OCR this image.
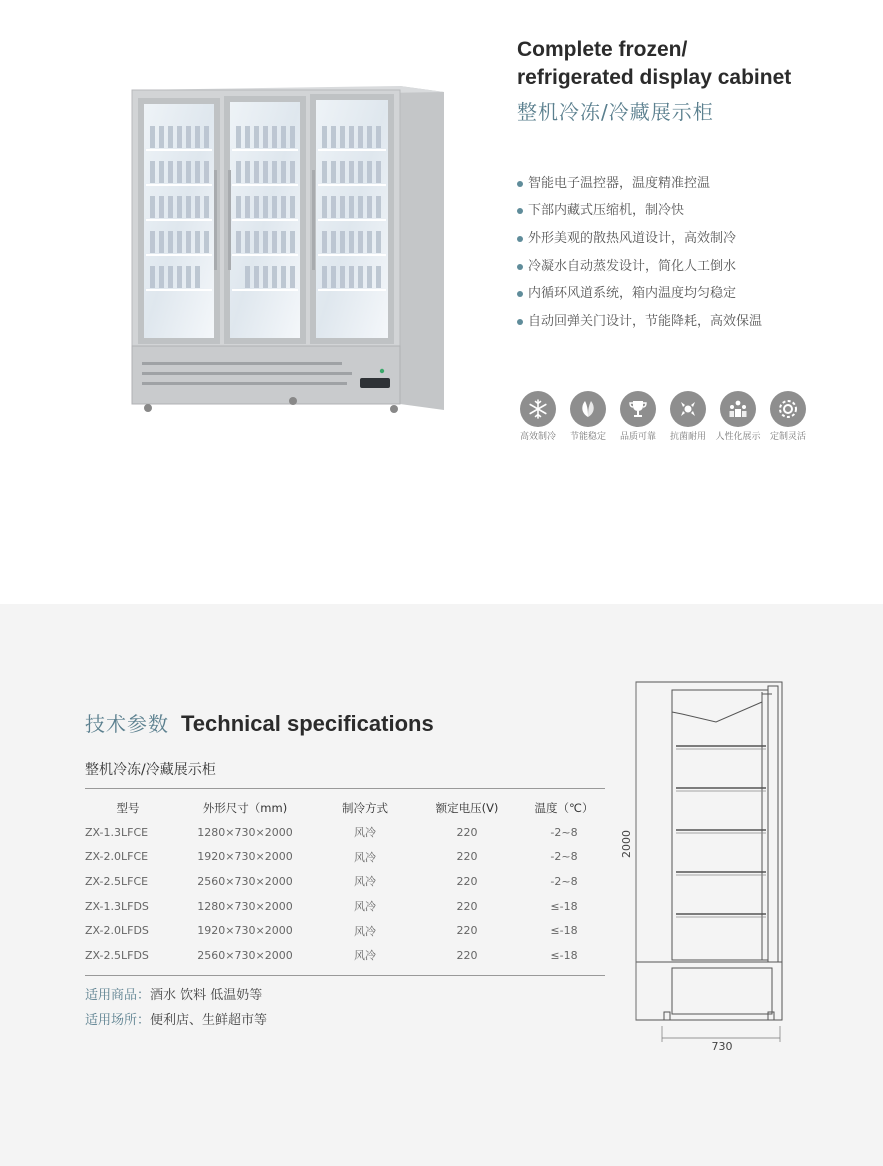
Complete frozen/
refrigerated display cabinet
整机冷冻/冷藏展示柜
智能电子温控器，温度精准控温
下部内藏式压缩机，制冷快
外形美观的散热风道设计，高效制冷
冷凝水自动蒸发设计，简化人工倒水
内循环风道系统，箱内温度均匀稳定
自动回弹关门设计，节能降耗，高效保温
高效制冷 节能稳定 品质可靠 抗菌耐用 人性化展示 定制灵活
技术参数 Technical specifications
整机冷冻/冷藏展示柜
型号	外形尺寸（mm)	制冷方式	额定电压(V)	温度（℃）
ZX-1.3LFCE	1280×730×2000	风冷	220	-2~8
ZX-2.0LFCE	1920×730×2000	风冷	220	-2~8
ZX-2.5LFCE	2560×730×2000	风冷	220	-2~8
ZX-1.3LFDS	1280×730×2000	风冷	220	≤-18
ZX-2.0LFDS	1920×730×2000	风冷	220	≤-18
ZX-2.5LFDS	2560×730×2000	风冷	220	≤-18
适用商品：酒水 饮料 低温奶等
适用场所：便利店、生鲜超市等
2000
730
